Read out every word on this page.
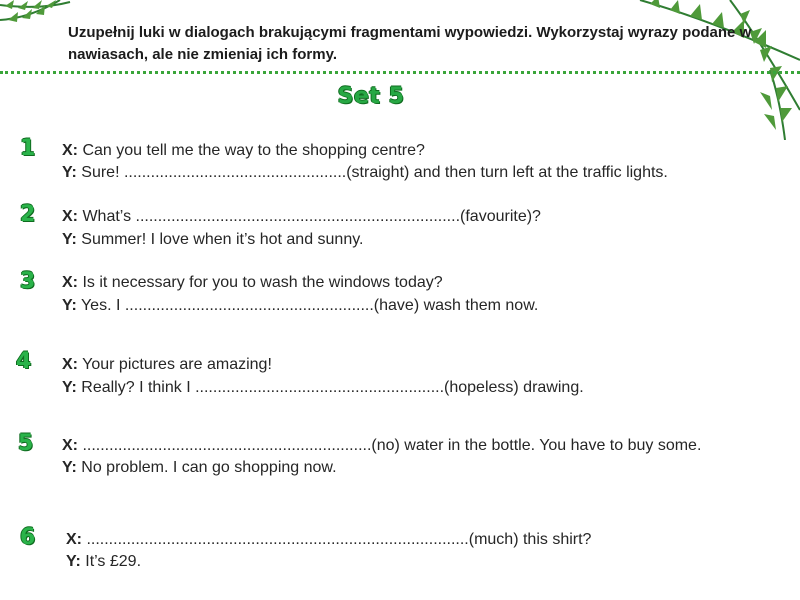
Uzupełnij luki w dialogach brakującymi fragmentami wypowiedzi. Wykorzystaj wyrazy podane w nawiasach, ale nie zmieniaj ich formy.
Set 5
1 X: Can you tell me the way to the shopping centre?
Y: Sure! ..................................................(straight) and then turn left at the traffic lights.
2 X: What’s .........................................................................(favourite)?
Y: Summer! I love when it’s hot and sunny.
3 X: Is it necessary for you to wash the windows today?
Y: Yes. I ........................................................(have) wash them now.
4 X: Your pictures are amazing!
Y: Really? I think I ........................................................(hopeless) drawing.
5 X: .................................................................(no) water in the bottle. You have to buy some.
Y: No problem. I can go shopping now.
6 X: ......................................................................................(much) this shirt?
Y: It’s £29.
